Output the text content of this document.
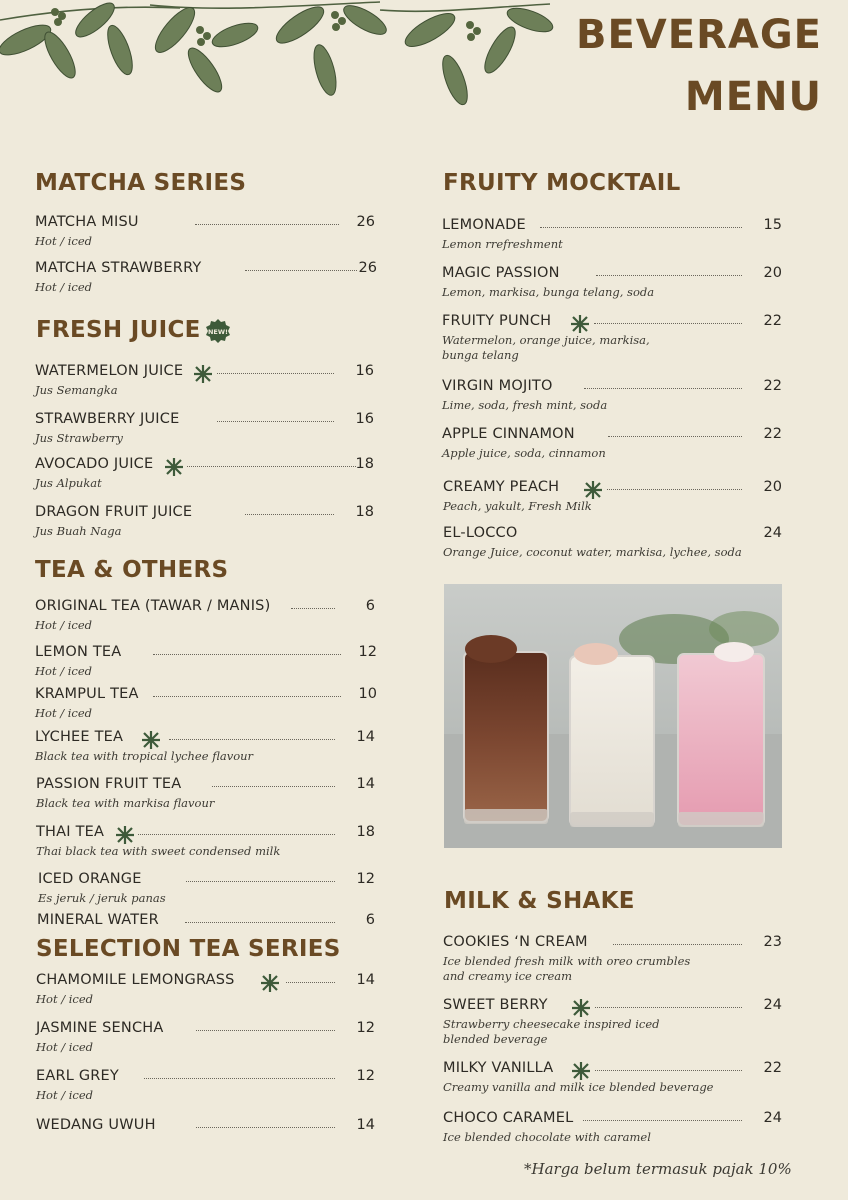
BEVERAGE
MENU
MATCHA SERIES
MATCHA MISU	26
Hot / iced
MATCHA STRAWBERRY	26
Hot / iced
FRESH JUICE NEW!
WATERMELON JUICE	16
Jus Semangka
STRAWBERRY JUICE	16
Jus Strawberry
AVOCADO JUICE	18
Jus Alpukat
DRAGON FRUIT JUICE	18
Jus Buah Naga
TEA & OTHERS
ORIGINAL TEA (TAWAR / MANIS)	6
Hot / iced
LEMON TEA	12
Hot / iced
KRAMPUL TEA	10
Hot / iced
LYCHEE TEA	14
Black tea with tropical lychee flavour
PASSION FRUIT TEA	14
Black tea with markisa flavour
THAI TEA	18
Thai black tea with sweet condensed milk
ICED ORANGE	12
Es jeruk / jeruk panas
MINERAL WATER	6
SELECTION TEA SERIES
CHAMOMILE LEMONGRASS	14
Hot / iced
JASMINE SENCHA	12
Hot / iced
EARL GREY	12
Hot / iced
WEDANG UWUH	14
FRUITY MOCKTAIL
LEMONADE	15
Lemon rrefreshment
MAGIC PASSION	20
Lemon, markisa, bunga telang, soda
FRUITY PUNCH	22
Watermelon, orange juice, markisa, bunga telang
VIRGIN MOJITO	22
Lime, soda, fresh mint, soda
APPLE CINNAMON	22
Apple juice, soda, cinnamon
CREAMY PEACH	20
Peach, yakult, Fresh Milk
EL-LOCCO	24
Orange Juice, coconut water, markisa, lychee, soda
MILK & SHAKE
COOKIES ‘N CREAM	23
Ice blended fresh milk with oreo crumbles and creamy ice cream
SWEET BERRY	24
Strawberry cheesecake inspired iced blended beverage
MILKY VANILLA	22
Creamy vanilla and milk ice blended beverage
CHOCO CARAMEL	24
Ice blended chocolate with caramel
*Harga belum termasuk pajak 10%
